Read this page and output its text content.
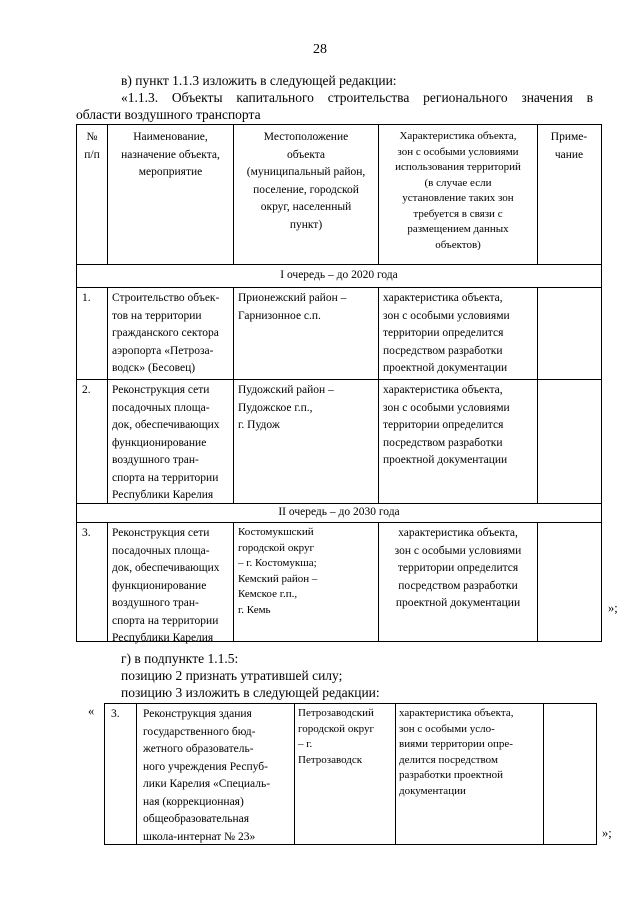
28
в) пункт 1.1.3 изложить в следующей редакции:
«1.1.3. Объекты капитального строительства регионального значения в
области воздушного транспорта
№
п/п
Наименование,
назначение объекта,
мероприятие
Местоположение
объекта
(муниципальный район,
поселение, городской
округ, населенный
пункт)
Характеристика объекта,
зон с особыми условиями
использования территорий
(в случае если
установление таких зон
требуется в связи с
размещением данных
объектов)
Приме-
чание
I очередь – до 2020 года
1. Строительство объек-
тов на территории
гражданского сектора
аэропорта «Петроза-
водск» (Бесовец)
Прионежский район –
Гарнизонное с.п.
характеристика объекта,
зон с особыми условиями
территории определится
посредством разработки
проектной документации
2. Реконструкция сети
посадочных площа-
док, обеспечивающих
функционирование
воздушного тран-
спорта на территории
Республики Карелия
Пудожский район –
Пудожское г.п.,
г. Пудож
характеристика объекта,
зон с особыми условиями
территории определится
посредством разработки
проектной документации
II очередь – до 2030 года
3. Реконструкция сети
посадочных площа-
док, обеспечивающих
функционирование
воздушного тран-
спорта на территории
Республики Карелия
Костомукшский
городской округ
– г. Костомукша;
Кемский район –
Кемское г.п.,
г. Кемь
характеристика объекта,
зон с особыми условиями
территории определится
посредством разработки
проектной документации	»;
г) в подпункте 1.1.5:
позицию 2 признать утратившей силу;
позицию 3 изложить в следующей редакции:
« 3. Реконструкция здания
государственного бюд-
жетного образователь-
ного учреждения Респуб-
лики Карелия «Специаль-
ная (коррекционная)
общеобразовательная
школа-интернат № 23»
Петрозаводский
городской округ
– г.
Петрозаводск
характеристика объекта,
зон с особыми усло-
виями территории опре-
делится посредством
разработки проектной
документации
»;
